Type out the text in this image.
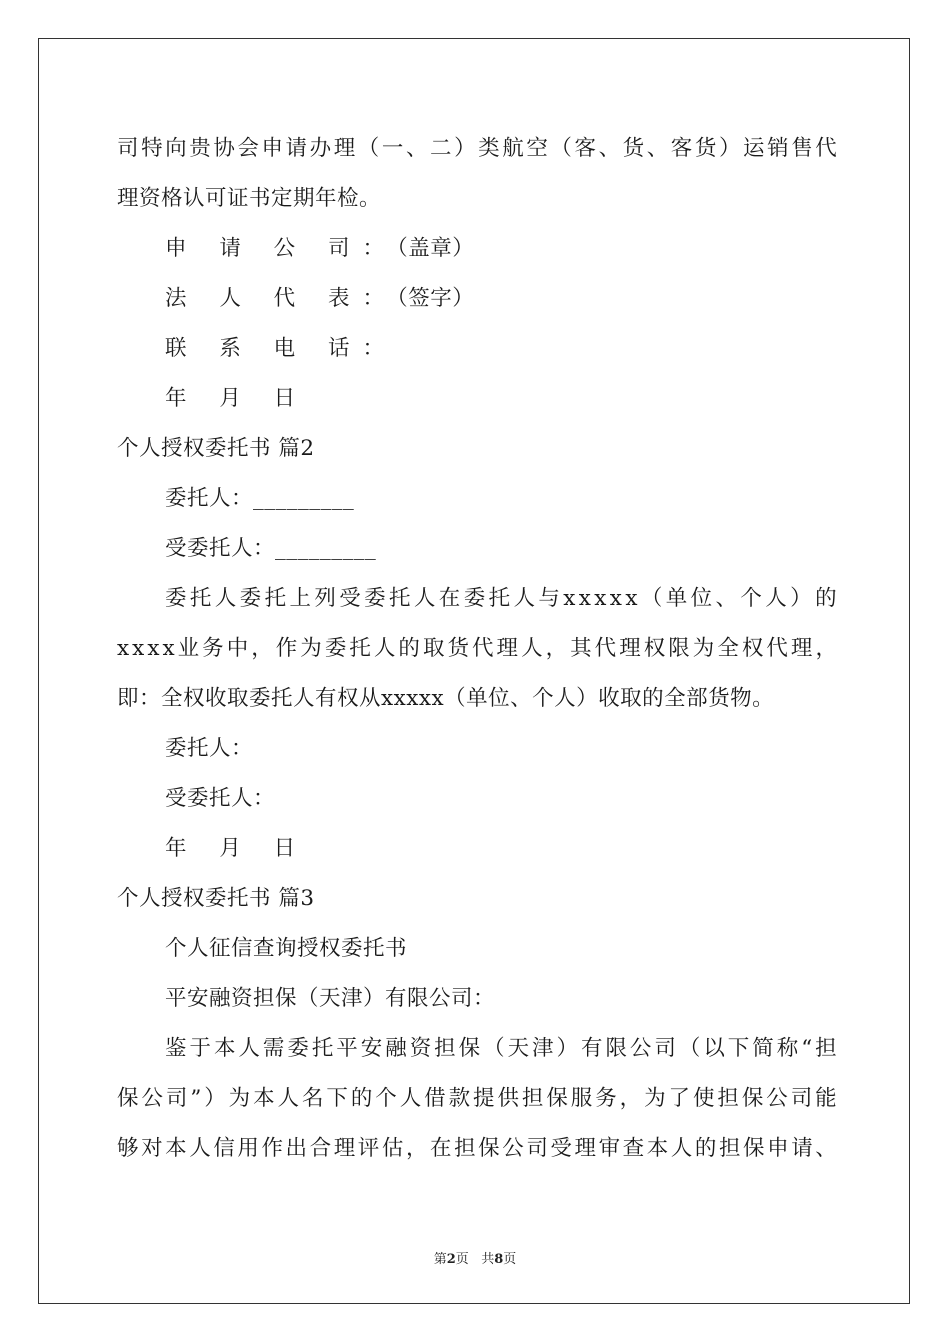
司 特 向 贵 协 会 申 请 办 理 （ 一 、 二 ） 类 航 空 （ 客 、 货 、 客 货 ） 运 销 售 代
理资格认可证书定期年检。
申 请 公 司：（盖章）
法 人 代 表：（签字）
联 系 电 话：
年 月 日
个人授权委托书 篇2
委托人：_________
受委托人：_________
委 托 人 委 托 上 列 受 委 托 人 在 委 托 人 与 x x x x x （ 单 位 、 个 人 ） 的
x x x x 业 务 中 ， 作 为 委 托 人 的 取 货 代 理 人 ， 其 代 理 权 限 为 全 权 代 理 ，
即：全权收取委托人有权从xxxxx（单位、个人）收取的全部货物。
委托人：
受委托人：
年 月 日
个人授权委托书 篇3
个人征信查询授权委托书
平安融资担保（天津）有限公司：
鉴 于 本 人 需 委 托 平 安 融 资 担 保 （ 天 津 ） 有 限 公 司 （ 以 下 简 称 “ 担
保 公 司 ” ） 为 本 人 名 下 的 个 人 借 款 提 供 担 保 服 务 ， 为 了 使 担 保 公 司 能
够 对 本 人 信 用 作 出 合 理 评 估 ， 在 担 保 公 司 受 理 审 查 本 人 的 担 保 申 请 、
第2页   共8页
